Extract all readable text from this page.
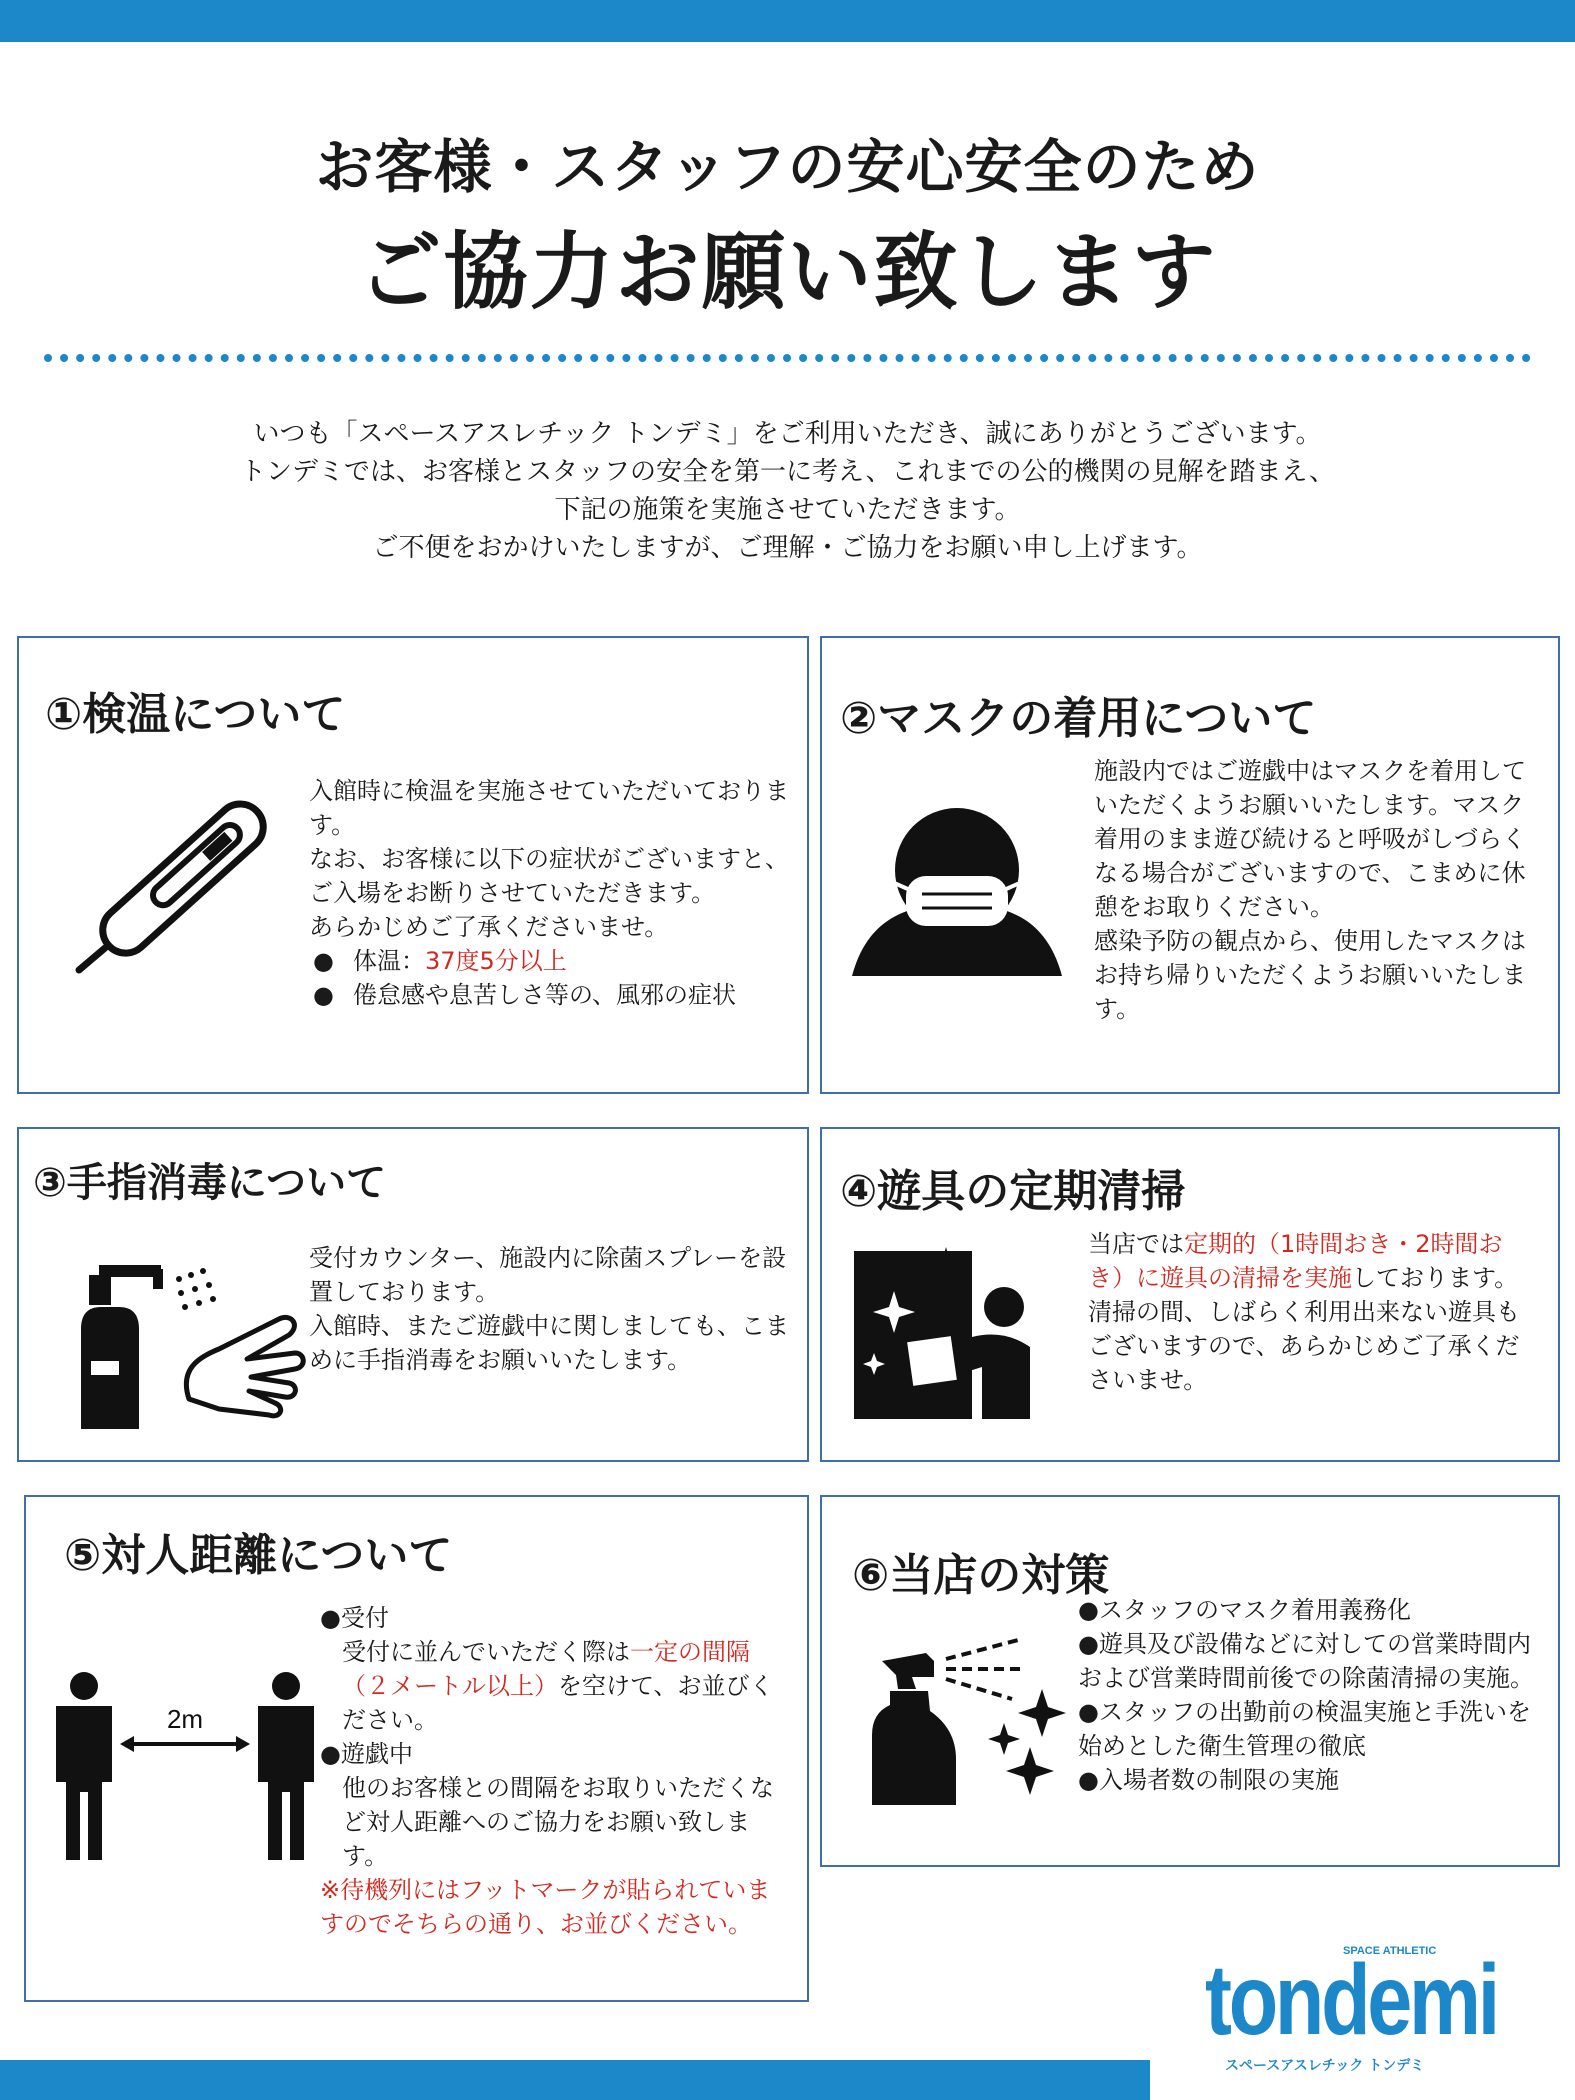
お客様・スタッフの安心安全のため
ご協力お願い致します
いつも「スペースアスレチック トンデミ」をご利用いただき、誠にありがとうございます。
トンデミでは、お客様とスタッフの安全を第一に考え、これまでの公的機関の見解を踏まえ、
下記の施策を実施させていただきます。
ご不便をおかけいたしますが、ご理解・ご協力をお願い申し上げます。
①検温について
入館時に検温を実施させていただいております。
なお、お客様に以下の症状がございますと、ご入場をお断りさせていただきます。
あらかじめご了承くださいませ。
● 体温：37度5分以上
● 倦怠感や息苦しさ等の、風邪の症状
②マスクの着用について
施設内ではご遊戯中はマスクを着用していただくようお願いいたします。マスク着用のまま遊び続けると呼吸がしづらくなる場合がございますので、こまめに休憩をお取りください。
感染予防の観点から、使用したマスクはお持ち帰りいただくようお願いいたします。
③手指消毒について
受付カウンター、施設内に除菌スプレーを設置しております。
入館時、またご遊戯中に関しましても、こまめに手指消毒をお願いいたします。
④遊具の定期清掃
当店では定期的（1時間おき・2時間おき）に遊具の清掃を実施しております。
清掃の間、しばらく利用出来ない遊具もございますので、あらかじめご了承くださいませ。
⑤対人距離について
2m
●受付
受付に並んでいただく際は一定の間隔（２メートル以上）を空けて、お並びください。
●遊戯中
他のお客様との間隔をお取りいただくなど対人距離へのご協力をお願い致します。
※待機列にはフットマークが貼られていますのでそちらの通り、お並びください。
⑥当店の対策
●スタッフのマスク着用義務化
●遊具及び設備などに対しての営業時間内および営業時間前後での除菌清掃の実施。
●スタッフの出勤前の検温実施と手洗いを始めとした衛生管理の徹底
●入場者数の制限の実施
SPACE ATHLETIC
tondemi
スペースアスレチック トンデミ
